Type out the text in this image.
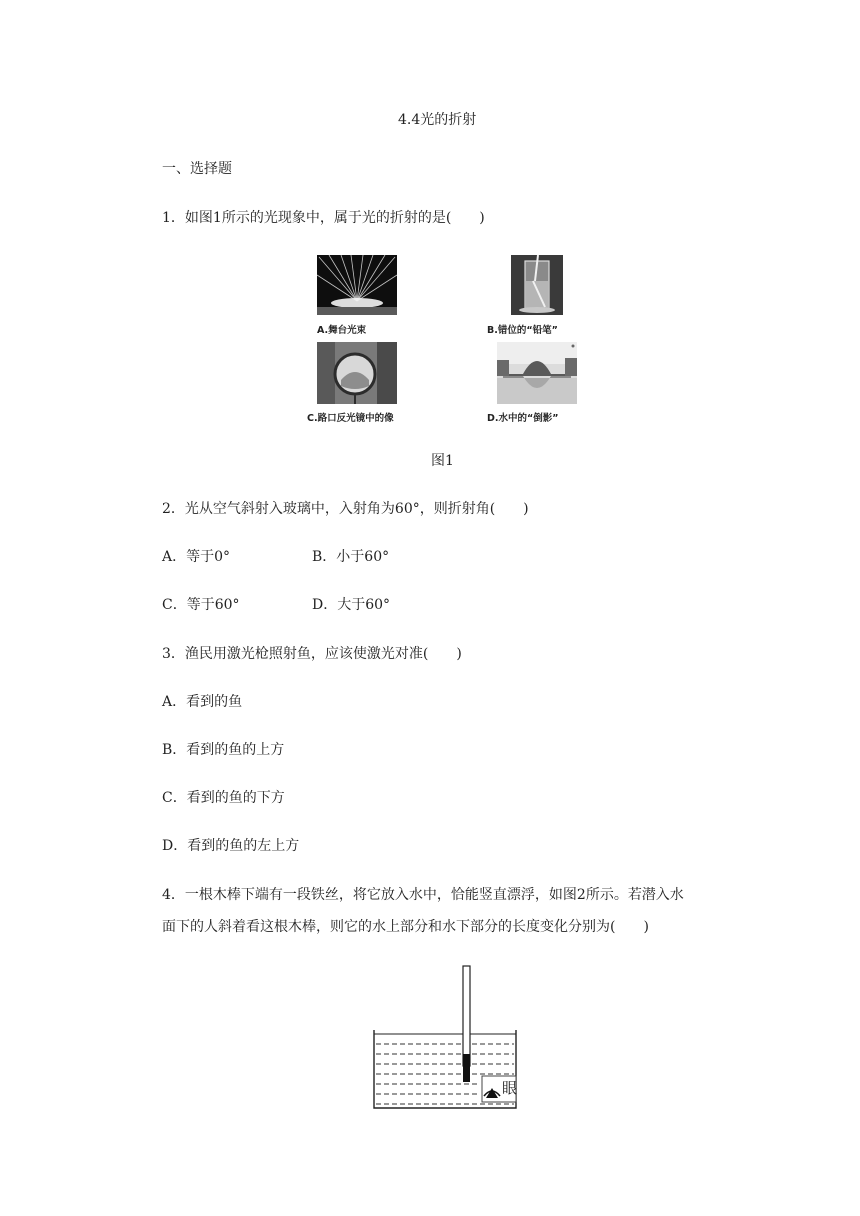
4.4光的折射
一、选择题
1．如图1所示的光现象中，属于光的折射的是(　　)
A.舞台光束	B.错位的“铅笔”
C.路口反光镜中的像	D.水中的“倒影”
图1
2．光从空气斜射入玻璃中，入射角为60°，则折射角(　　)
A．等于0°	B．小于60°
C．等于60°	D．大于60°
3．渔民用激光枪照射鱼，应该使激光对准(　　)
A．看到的鱼
B．看到的鱼的上方
C．看到的鱼的下方
D．看到的鱼的左上方
4．一根木棒下端有一段铁丝，将它放入水中，恰能竖直漂浮，如图2所示。若潜入水
面下的人斜着看这根木棒，则它的水上部分和水下部分的长度变化分别为(　　)
眼
